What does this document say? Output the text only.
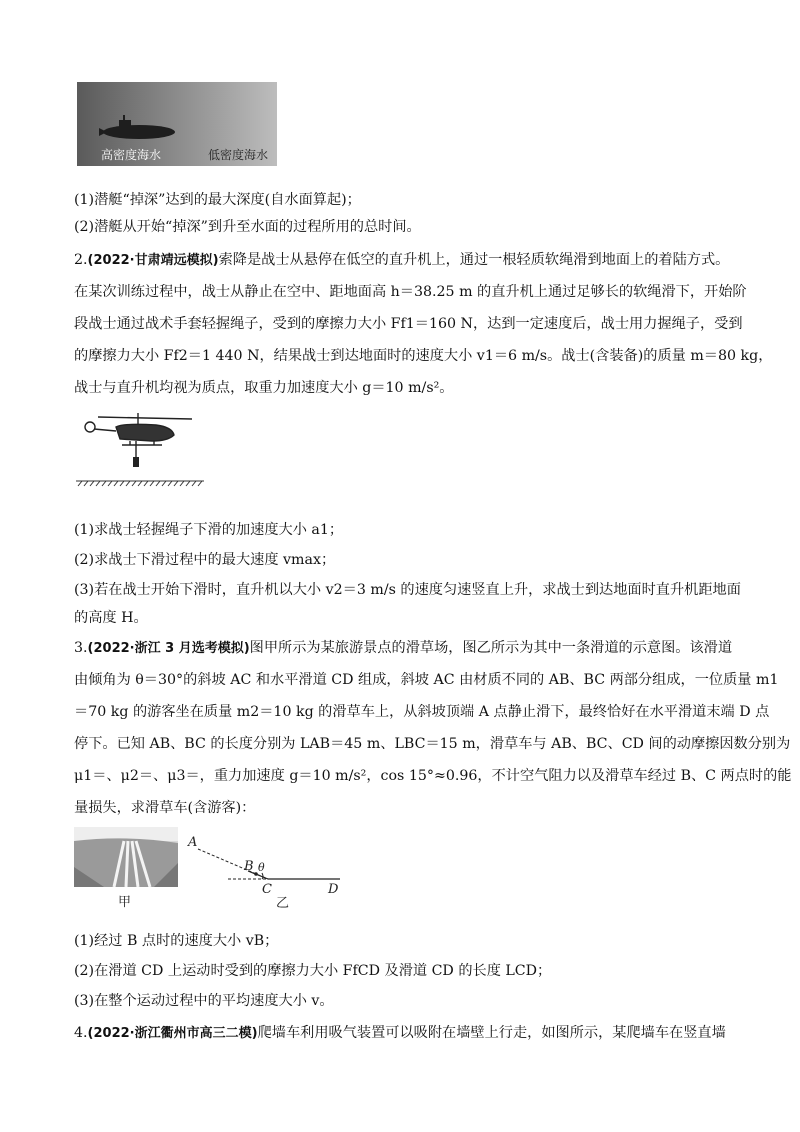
高密度海水	低密度海水
(1)潜艇“掉深”达到的最大深度(自水面算起)；
(2)潜艇从开始“掉深”到升至水面的过程所用的总时间。
2.(2022·甘肃靖远模拟)索降是战士从悬停在低空的直升机上，通过一根轻质软绳滑到地面上的着陆方式。
在某次训练过程中，战士从静止在空中、距地面高 h＝38.25 m 的直升机上通过足够长的软绳滑下，开始阶
段战士通过战术手套轻握绳子，受到的摩擦力大小 Ff1＝160 N，达到一定速度后，战士用力握绳子，受到
的摩擦力大小 Ff2＝1 440 N，结果战士到达地面时的速度大小 v1＝6 m/s。战士(含装备)的质量 m＝80 kg，
战士与直升机均视为质点，取重力加速度大小 g＝10 m/s²。
(1)求战士轻握绳子下滑的加速度大小 a1；
(2)求战士下滑过程中的最大速度 vmax；
(3)若在战士开始下滑时，直升机以大小 v2＝3 m/s 的速度匀速竖直上升，求战士到达地面时直升机距地面
的高度 H。
3.(2022·浙江 3 月选考模拟)图甲所示为某旅游景点的滑草场，图乙所示为其中一条滑道的示意图。该滑道
由倾角为 θ＝30°的斜坡 AC 和水平滑道 CD 组成，斜坡 AC 由材质不同的 AB、BC 两部分组成，一位质量 m1
＝70 kg 的游客坐在质量 m2＝10 kg 的滑草车上，从斜坡顶端 A 点静止滑下，最终恰好在水平滑道末端 D 点
停下。已知 AB、BC 的长度分别为 LAB＝45 m、LBC＝15 m，滑草车与 AB、BC、CD 间的动摩擦因数分别为
μ1＝、μ2＝、μ3＝，重力加速度 g＝10 m/s²，cos 15°≈0.96，不计空气阻力以及滑草车经过 B、C 两点时的能
量损失，求滑草车(含游客)：
甲
A
B θ
C	D
乙
(1)经过 B 点时的速度大小 vB；
(2)在滑道 CD 上运动时受到的摩擦力大小 FfCD 及滑道 CD 的长度 LCD；
(3)在整个运动过程中的平均速度大小 v。
4.(2022·浙江衢州市高三二模)爬墙车利用吸气装置可以吸附在墙壁上行走，如图所示，某爬墙车在竖直墙
